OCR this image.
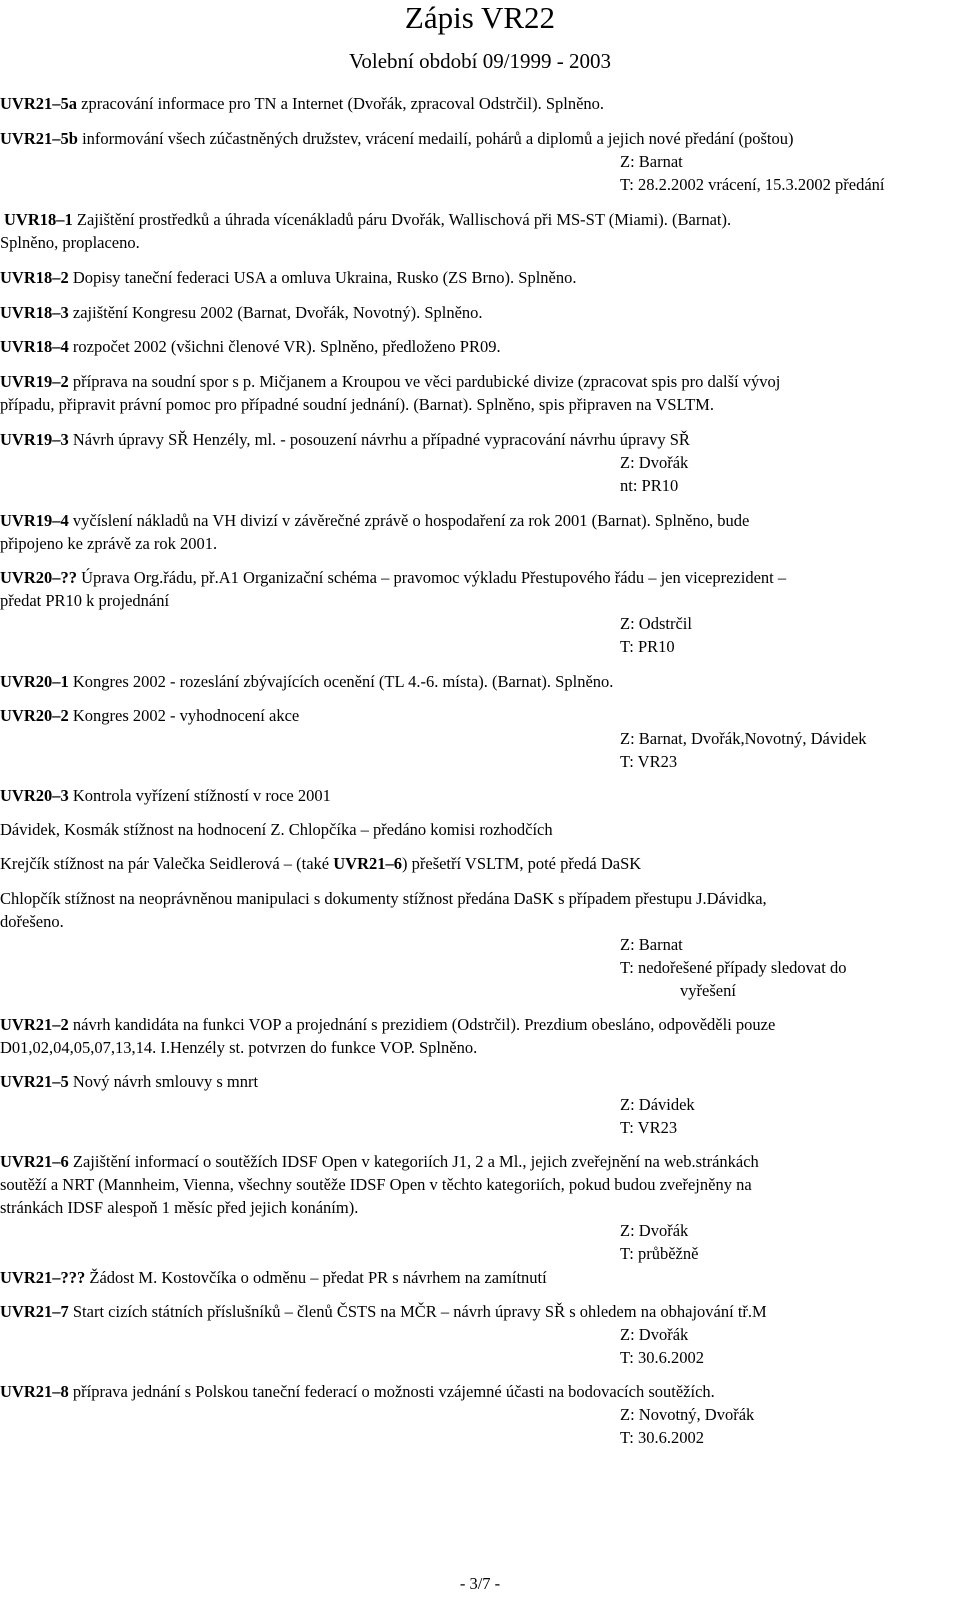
Zápis VR22
Volební období 09/1999 - 2003
UVR21–5a zpracování informace pro TN a Internet (Dvořák, zpracoval Odstrčil). Splněno.
UVR21–5b informování všech zúčastněných družstev, vrácení medailí, pohárů a diplomů a jejich nové předání (poštou)
Z: Barnat
T: 28.2.2002 vrácení, 15.3.2002 předání
UVR18–1 Zajištění prostředků a úhrada vícenákladů páru Dvořák, Wallischová při MS-ST (Miami). (Barnat).
Splněno, proplaceno.
UVR18–2 Dopisy taneční federaci USA a omluva Ukraina, Rusko (ZS Brno). Splněno.
UVR18–3 zajištění Kongresu 2002 (Barnat, Dvořák, Novotný). Splněno.
UVR18–4 rozpočet 2002 (všichni členové VR). Splněno, předloženo PR09.
UVR19–2 příprava na soudní spor s p. Mičjanem a Kroupou ve věci pardubické divize (zpracovat spis pro další vývoj
případu, připravit právní pomoc pro případné soudní jednání). (Barnat). Splněno, spis připraven na VSLTM.
UVR19–3 Návrh úpravy SŘ Henzély, ml. - posouzení návrhu a případné vypracování návrhu úpravy SŘ
Z: Dvořák
nt: PR10
UVR19–4 vyčíslení nákladů na VH divizí v závěrečné zprávě o hospodaření za rok 2001 (Barnat). Splněno, bude
připojeno ke zprávě za rok 2001.
UVR20–?? Úprava Org.řádu, př.A1 Organizační schéma – pravomoc výkladu Přestupového řádu – jen viceprezident –
předat PR10 k projednání
Z: Odstrčil
T: PR10
UVR20–1 Kongres 2002 - rozeslání zbývajících ocenění (TL 4.-6. místa). (Barnat). Splněno.
UVR20–2 Kongres 2002 - vyhodnocení akce
Z: Barnat, Dvořák,Novotný, Dávidek
T: VR23
UVR20–3 Kontrola vyřízení stížností v roce 2001
Dávidek, Kosmák stížnost na hodnocení Z. Chlopčíka – předáno komisi rozhodčích
Krejčík stížnost na pár Valečka Seidlerová – (také UVR21–6) přešetří VSLTM, poté předá DaSK
Chlopčík stížnost na neoprávněnou manipulaci s dokumenty stížnost předána DaSK s případem přestupu J.Dávidka,
dořešeno.
Z: Barnat
T: nedořešené případy sledovat do
vyřešení
UVR21–2 návrh kandidáta na funkci VOP a projednání s prezidiem (Odstrčil). Prezdium obesláno, odpověděli pouze
D01,02,04,05,07,13,14. I.Henzély st. potvrzen do funkce VOP. Splněno.
UVR21–5 Nový návrh smlouvy s mnrt
Z: Dávidek
T: VR23
UVR21–6 Zajištění informací o soutěžích IDSF Open v kategoriích J1, 2 a Ml., jejich zveřejnění na web.stránkách
soutěží a NRT (Mannheim, Vienna, všechny soutěže IDSF Open v těchto kategoriích, pokud budou zveřejněny na
stránkách IDSF alespoň 1 měsíc před jejich konáním).
Z: Dvořák
T: průběžně
UVR21–??? Žádost M. Kostovčíka o odměnu – předat PR s návrhem na zamítnutí
UVR21–7 Start cizích státních příslušníků – členů ČSTS na MČR – návrh úpravy SŘ s ohledem na obhajování tř.M
Z: Dvořák
T: 30.6.2002
UVR21–8 příprava jednání s Polskou taneční federací o možnosti vzájemné účasti na bodovacích soutěžích.
Z: Novotný, Dvořák
T: 30.6.2002
- 3/7 -
